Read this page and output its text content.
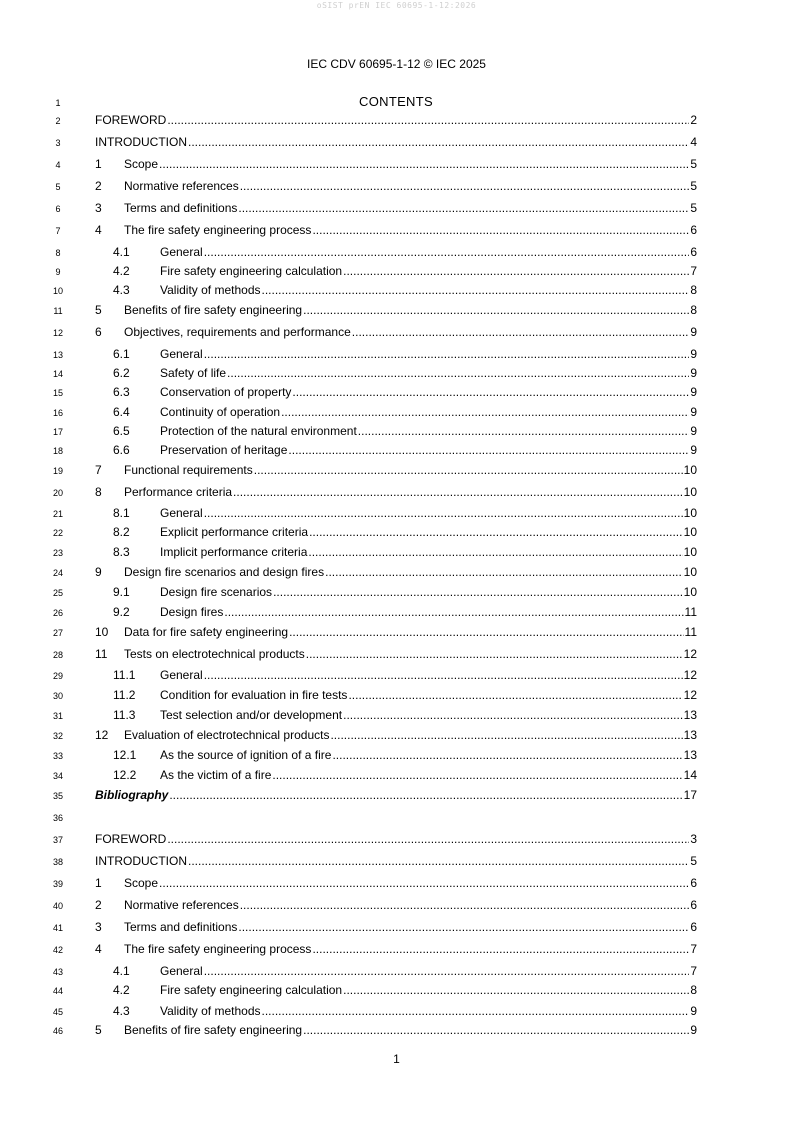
oSIST prEN IEC 60695-1-12:2026
IEC CDV 60695-1-12 © IEC 2025
1	CONTENTS
2	FOREWORD .....	2
3	INTRODUCTION .....	4
4	1	Scope .....	5
5	2	Normative references .....	5
6	3	Terms and definitions .....	5
7	4	The fire safety engineering process .....	6
8	4.1	General .....	6
9	4.2	Fire safety engineering calculation .....	7
10	4.3	Validity of methods .....	8
11	5	Benefits of fire safety engineering .....	8
12	6	Objectives, requirements and performance .....	9
13	6.1	General .....	9
14	6.2	Safety of life .....	9
15	6.3	Conservation of property .....	9
16	6.4	Continuity of operation .....	9
17	6.5	Protection of the natural environment .....	9
18	6.6	Preservation of heritage .....	9
19	7	Functional requirements .....	10
20	8	Performance criteria .....	10
21	8.1	General .....	10
22	8.2	Explicit performance criteria .....	10
23	8.3	Implicit performance criteria .....	10
24	9	Design fire scenarios and design fires .....	10
25	9.1	Design fire scenarios .....	10
26	9.2	Design fires .....	11
27	10	Data for fire safety engineering .....	11
28	11	Tests on electrotechnical products .....	12
29	11.1	General .....	12
30	11.2	Condition for evaluation in fire tests .....	12
31	11.3	Test selection and/or development .....	13
32	12	Evaluation of electrotechnical products .....	13
33	12.1	As the source of ignition of a fire .....	13
34	12.2	As the victim of a fire .....	14
35	Bibliography .....	17
36
37	FOREWORD .....	3
38	INTRODUCTION .....	5
39	1	Scope .....	6
40	2	Normative references .....	6
41	3	Terms and definitions .....	6
42	4	The fire safety engineering process .....	7
43	4.1	General .....	7
44	4.2	Fire safety engineering calculation .....	8
45	4.3	Validity of methods .....	9
46	5	Benefits of fire safety engineering .....	9
1
